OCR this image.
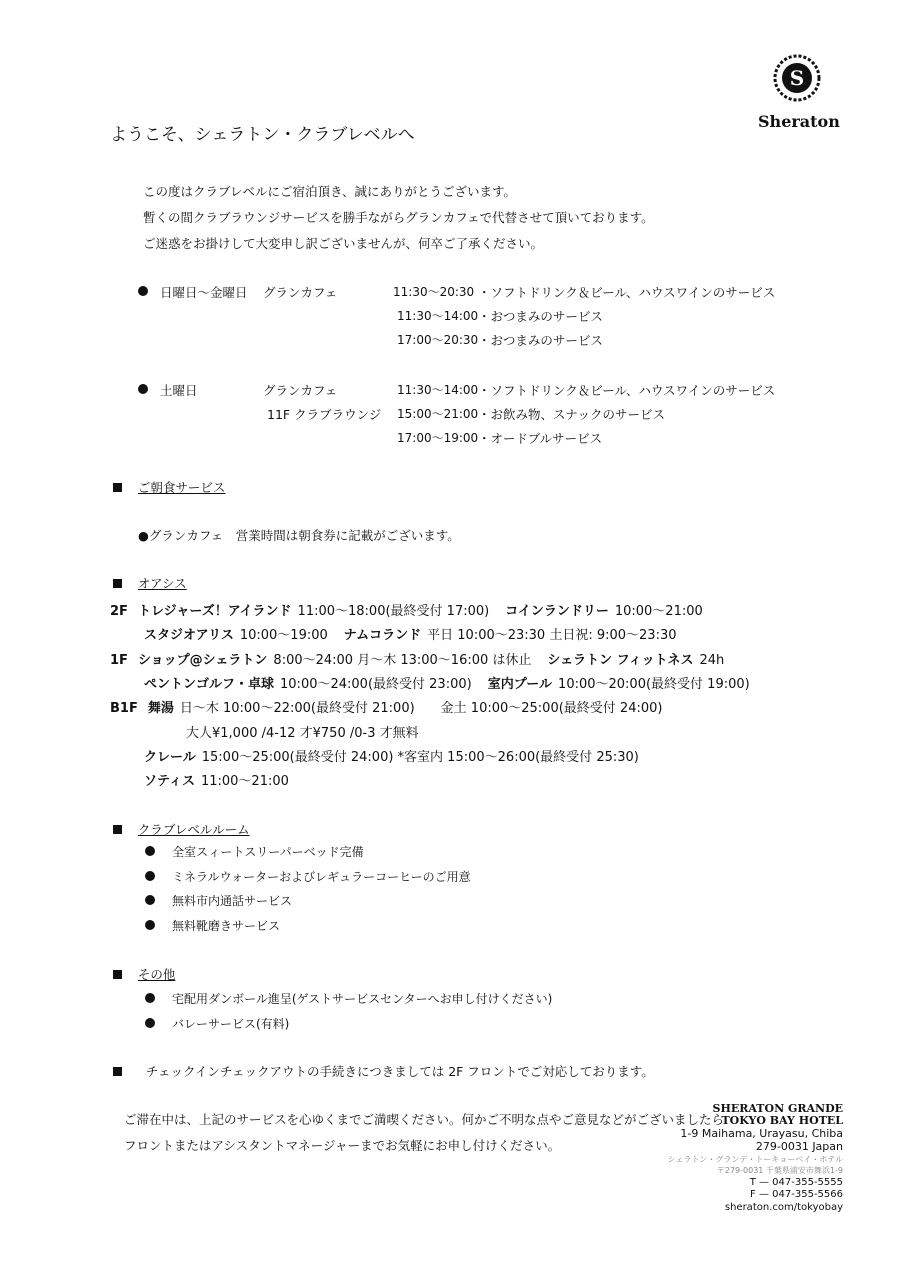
S
Sheraton
ようこそ、シェラトン・クラブレベルへ
この度はクラブレベルにご宿泊頂き、誠にありがとうございます。
暫くの間クラブラウンジサービスを勝手ながらグランカフェで代替させて頂いております。
ご迷惑をお掛けして大変申し訳ございませんが、何卒ご了承ください。
ご朝食サービス
●グランカフェ　営業時間は朝食券に記載がございます。
オアシス
クラブレベルルーム
その他
チェックインチェックアウトの手続きにつきましては 2F フロントでご対応しております。
ご滞在中は、上記のサービスを心ゆくまでご満喫ください。何かご不明な点やご意見などがございましたら
フロントまたはアシスタントマネージャーまでお気軽にお申し付けください。
SHERATON GRANDE
TOKYO BAY HOTEL
1-9 Maihama, Urayasu, Chiba
279-0031 Japan
シェラトン・グランデ・トーキョーベイ・ホテル
〒279-0031 千葉県浦安市舞浜1-9
T — 047-355-5555
F — 047-355-5566
sheraton.com/tokyobay
日曜日～金曜日 グランカフェ	11:30～20:30 ・ソフトドリンク＆ビール、ハウスワインのサービス
11:30～14:00 ・おつまみのサービス
17:00～20:30 ・おつまみのサービス
土曜日	グランカフェ	11:30～14:00 ・ソフトドリンク＆ビール、ハウスワインのサービス
11F クラブラウンジ 15:00～21:00 ・お飲み物、スナックのサービス
17:00～19:00 ・オードブルサービス
2F トレジャーズ！アイランド 11:00～18:00(最終受付 17:00) コインランドリー 10:00～21:00
スタジオアリス 10:00～19:00 ナムコランド 平日 10:00～23:30 土日祝: 9:00～23:30
1F ショップ@シェラトン 8:00～24:00 月～木 13:00～16:00 は休止 シェラトン フィットネス 24h
ペントンゴルフ・卓球 10:00～24:00(最終受付 23:00) 室内プール 10:00～20:00(最終受付 19:00)
B1F 舞湯 日～木 10:00～22:00(最終受付 21:00)　　金土 10:00～25:00(最終受付 24:00)
大人¥1,000 /4-12 才¥750 /0-3 才無料
クレール 15:00～25:00(最終受付 24:00) *客室内 15:00～26:00(最終受付 25:30)
ソティス 11:00～21:00
全室スィートスリーパーベッド完備
ミネラルウォーターおよびレギュラーコーヒーのご用意
無料市内通話サービス
無料靴磨きサービス
宅配用ダンボール進呈(ゲストサービスセンターへお申し付けください)
バレーサービス(有料)
